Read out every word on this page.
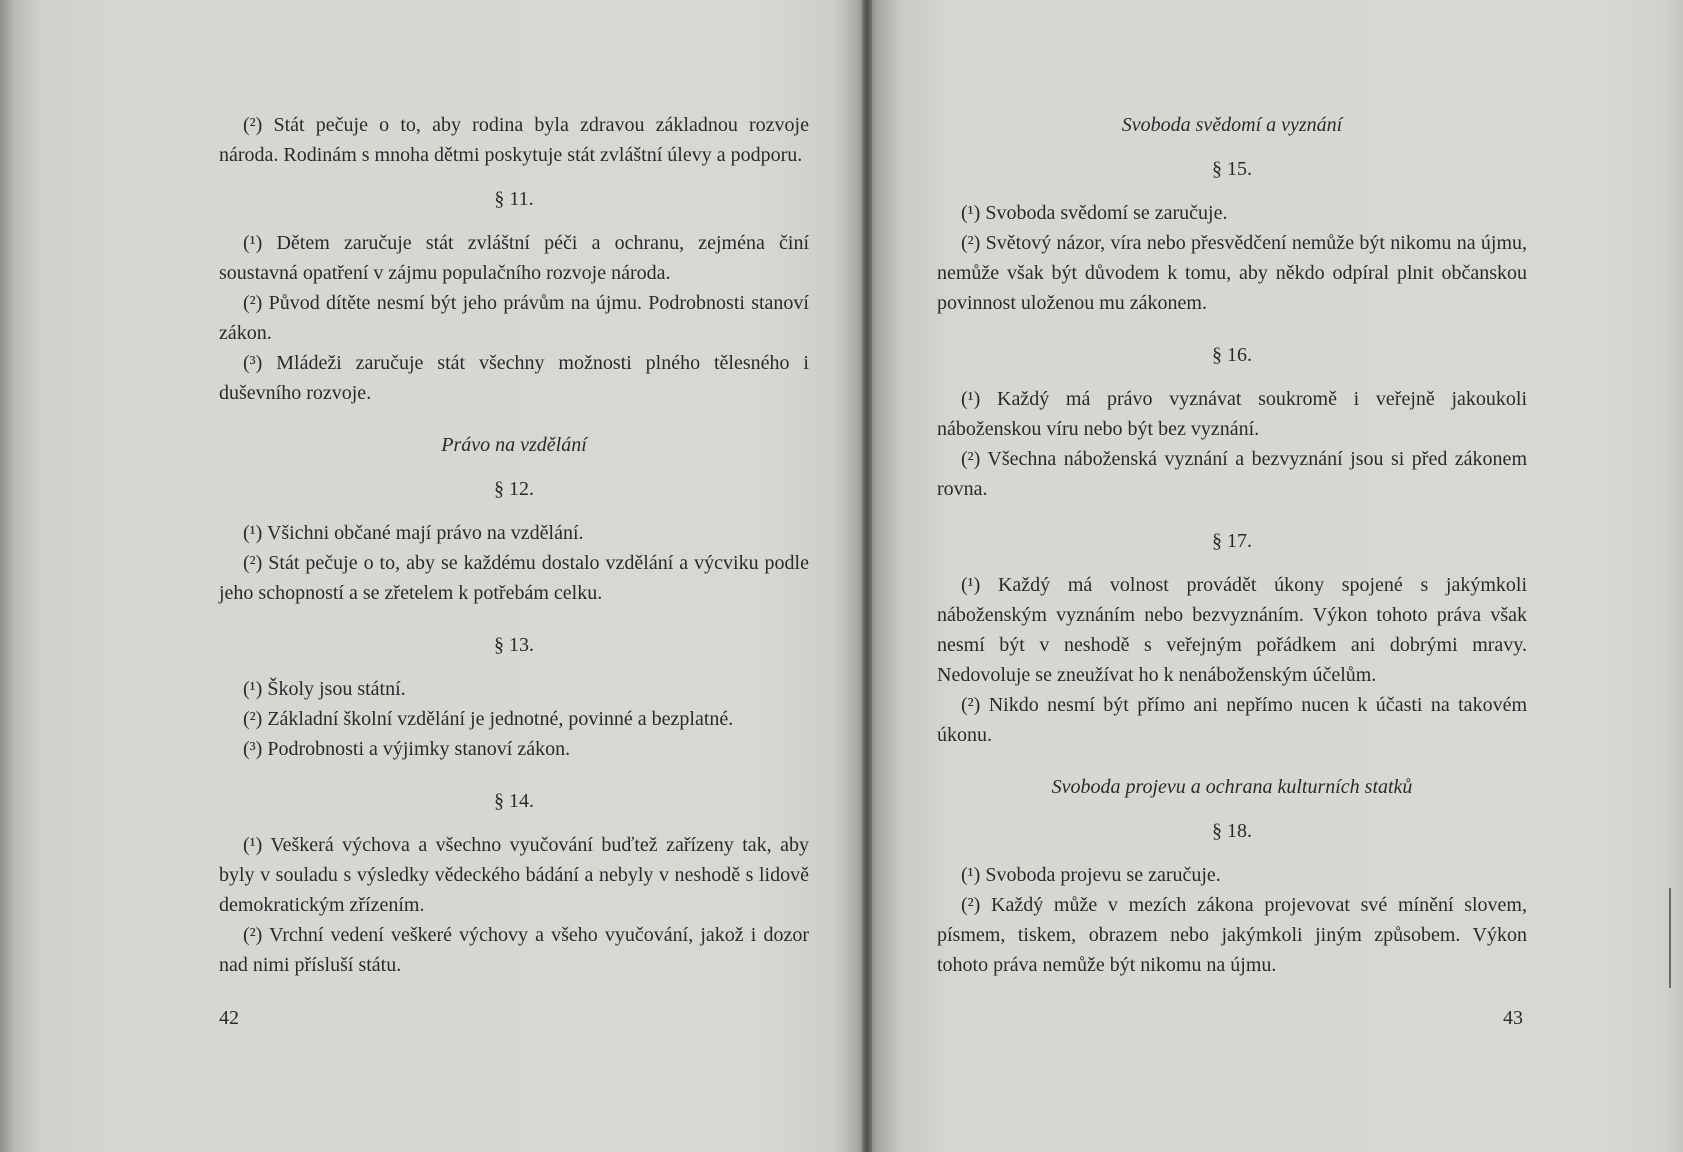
(²) Stát pečuje o to, aby rodina byla zdravou základnou rozvoje národa. Rodinám s mnoha dětmi poskytuje stát zvláštní úlevy a podporu.

§ 11.

(¹) Dětem zaručuje stát zvláštní péči a ochranu, zejména činí soustavná opatření v zájmu populačního rozvoje národa.

(²) Původ dítěte nesmí být jeho právům na újmu. Podrobnosti stanoví zákon.

(³) Mládeži zaručuje stát všechny možnosti plného tělesného i duševního rozvoje.

Právo na vzdělání

§ 12.

(¹) Všichni občané mají právo na vzdělání.

(²) Stát pečuje o to, aby se každému dostalo vzdělání a výcviku podle jeho schopností a se zřetelem k potřebám celku.

§ 13.

(¹) Školy jsou státní.

(²) Základní školní vzdělání je jednotné, povinné a bezplatné.

(³) Podrobnosti a výjimky stanoví zákon.

§ 14.

(¹) Veškerá výchova a všechno vyučování buďtež zařízeny tak, aby byly v souladu s výsledky vědeckého bádání a nebyly v neshodě s lidově demokratickým zřízením.

(²) Vrchní vedení veškeré výchovy a všeho vyučování, jakož i dozor nad nimi přísluší státu.

42

Svoboda svědomí a vyznání

§ 15.

(¹) Svoboda svědomí se zaručuje.

(²) Světový názor, víra nebo přesvědčení nemůže být nikomu na újmu, nemůže však být důvodem k tomu, aby někdo odpíral plnit občanskou povinnost uloženou mu zákonem.

§ 16.

(¹) Každý má právo vyznávat soukromě i veřejně jakoukoli náboženskou víru nebo být bez vyznání.

(²) Všechna náboženská vyznání a bezvyznání jsou si před zákonem rovna.

§ 17.

(¹) Každý má volnost provádět úkony spojené s jakýmkoli náboženským vyznáním nebo bezvyznáním. Výkon tohoto práva však nesmí být v neshodě s veřejným pořádkem ani dobrými mravy. Nedovoluje se zneužívat ho k nenáboženským účelům.

(²) Nikdo nesmí být přímo ani nepřímo nucen k účasti na takovém úkonu.

Svoboda projevu a ochrana kulturních statků

§ 18.

(¹) Svoboda projevu se zaručuje.

(²) Každý může v mezích zákona projevovat své mínění slovem, písmem, tiskem, obrazem nebo jakýmkoli jiným způsobem. Výkon tohoto práva nemůže být nikomu na újmu.

43
